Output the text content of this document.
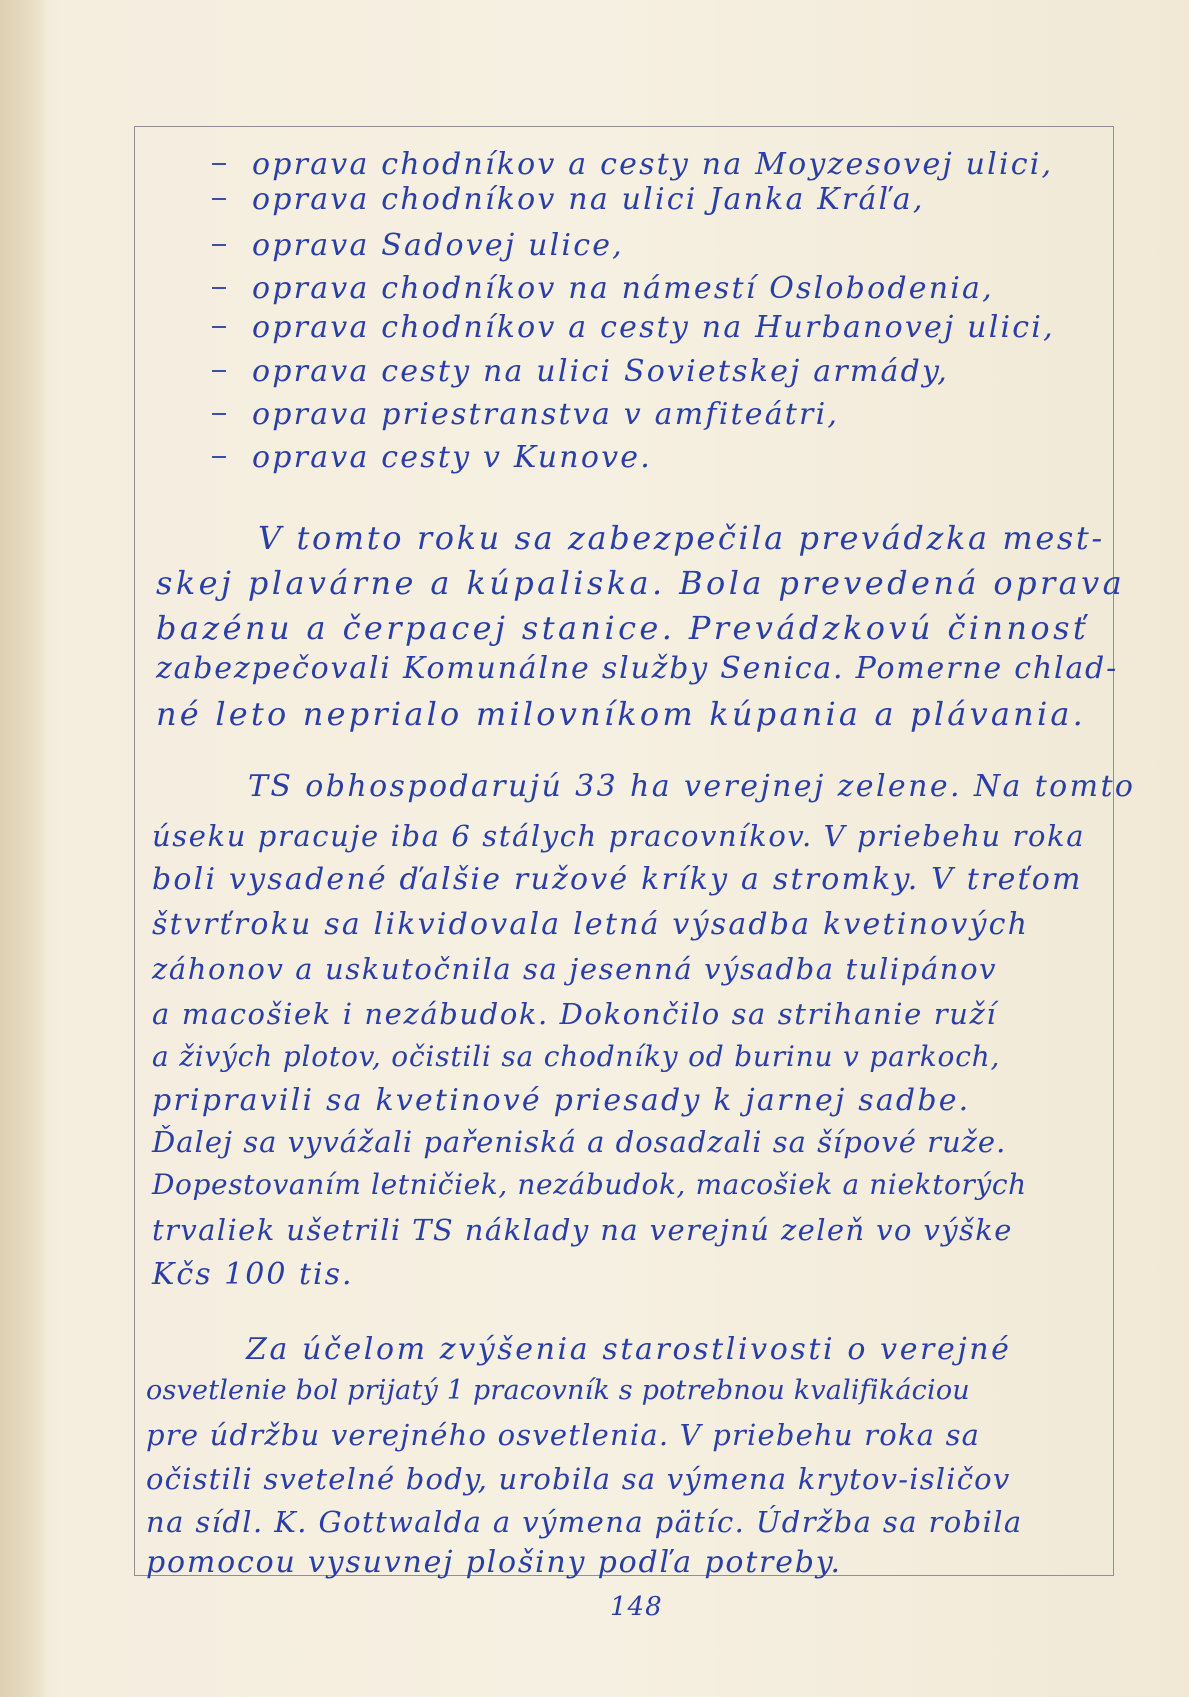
oprava chodníkov a cesty na Moyzesovej ulici,
oprava chodníkov na ulici Janka Kráľa,
oprava Sadovej ulice,
oprava chodníkov na námestí Oslobodenia,
oprava chodníkov a cesty na Hurbanovej ulici,
oprava cesty na ulici Sovietskej armády,
oprava priestranstva v amfiteátri,
oprava cesty v Kunove.
V tomto roku sa zabezpečila prevádzka mest-
skej plavárne a kúpaliska. Bola prevedená oprava
bazénu a čerpacej stanice. Prevádzkovú činnosť
zabezpečovali Komunálne služby Senica. Pomerne chlad-
né leto neprialo milovníkom kúpania a plávania.
TS obhospodarujú 33 ha verejnej zelene. Na tomto
úseku pracuje iba 6 stálych pracovníkov. V priebehu roka
boli vysadené ďalšie ružové kríky a stromky. V treťom
štvrťroku sa likvidovala letná výsadba kvetinových
záhonov a uskutočnila sa jesenná výsadba tulipánov
a macošiek i nezábudok. Dokončilo sa strihanie ruží
a živých plotov, očistili sa chodníky od burinu v parkoch,
pripravili sa kvetinové priesady k jarnej sadbe.
Ďalej sa vyvážali pařeniská a dosadzali sa šípové ruže.
Dopestovaním letničiek, nezábudok, macošiek a niektorých
trvaliek ušetrili TS náklady na verejnú zeleň vo výške
Kčs 100 tis.
Za účelom zvýšenia starostlivosti o verejné
osvetlenie bol prijatý 1 pracovník s potrebnou kvalifikáciou
pre údržbu verejného osvetlenia. V priebehu roka sa
očistili svetelné body, urobila sa výmena krytov-isličov
na sídl. K. Gottwalda a výmena pätíc. Údržba sa robila
pomocou vysuvnej plošiny podľa potreby.
148
